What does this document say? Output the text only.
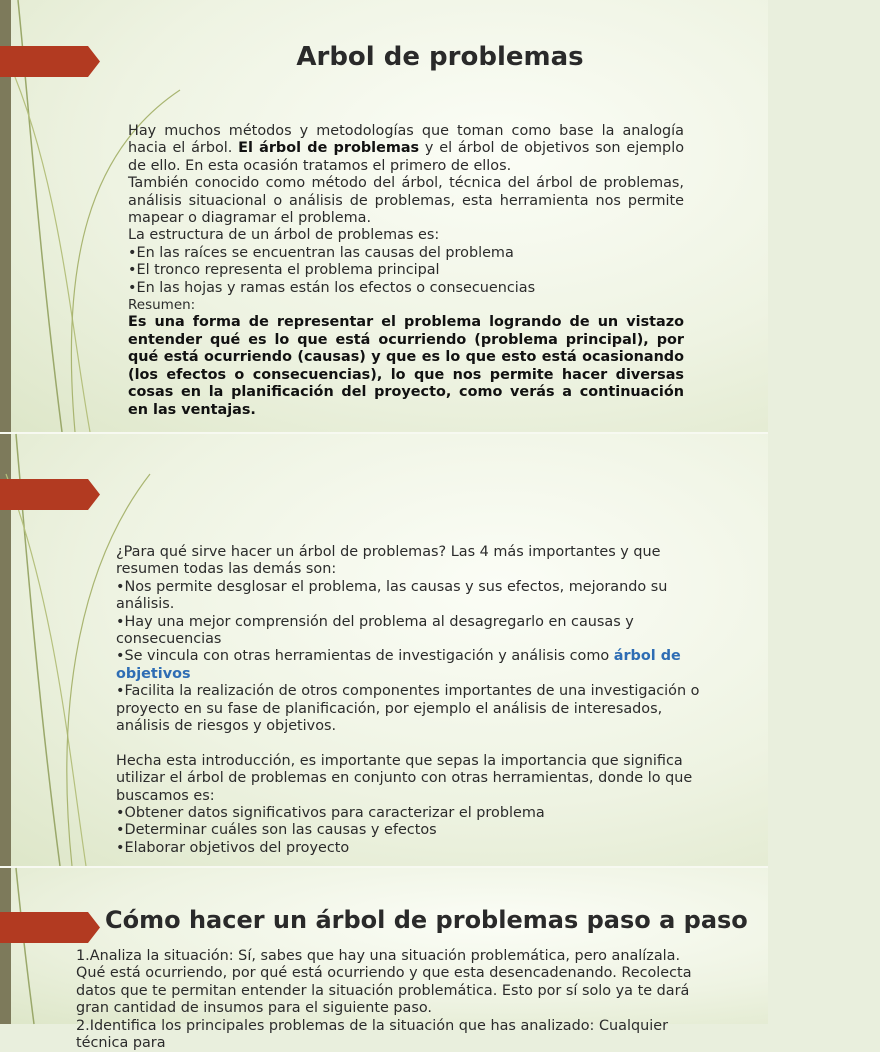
Arbol de problemas

Hay muchos métodos y metodologías que toman como base la analogía hacia el árbol. El árbol de problemas y el árbol de objetivos son ejemplo de ello. En esta ocasión tratamos el primero de ellos.

También conocido como método del árbol, técnica del árbol de problemas, análisis situacional o análisis de problemas, esta herramienta nos permite mapear o diagramar el problema.

La estructura de un árbol de problemas es:

•En las raíces se encuentran las causas del problema

•El tronco representa el problema principal

•En las hojas y ramas están los efectos o consecuencias

Resumen:

Es una forma de representar el problema logrando de un vistazo entender qué es lo que está ocurriendo (problema principal), por qué está ocurriendo (causas) y que es lo que esto está ocasionando (los efectos o consecuencias), lo que nos permite hacer diversas cosas en la planificación del proyecto, como verás a continuación en las ventajas.

¿Para qué sirve hacer un árbol de problemas? Las 4 más importantes y que resumen todas las demás son:

•Nos permite desglosar el problema, las causas y sus efectos, mejorando su análisis.

•Hay una mejor comprensión del problema al desagregarlo en causas y consecuencias

•Se vincula con otras herramientas de investigación y análisis como árbol de objetivos

•Facilita la realización de otros componentes importantes de una investigación o proyecto en su fase de planificación, por ejemplo el análisis de interesados, análisis de riesgos y objetivos.

Hecha esta introducción, es importante que sepas la importancia que significa utilizar el árbol de problemas en conjunto con otras herramientas, donde lo que buscamos es:

•Obtener datos significativos para caracterizar el problema

•Determinar cuáles son las causas y efectos

•Elaborar objetivos del proyecto

Cómo hacer un árbol de problemas paso a paso

1.Analiza la situación: Sí, sabes que hay una situación problemática, pero analízala. Qué está ocurriendo, por qué está ocurriendo y que esta desencadenando. Recolecta datos que te permitan entender la situación problemática. Esto por sí solo ya te dará gran cantidad de insumos para el siguiente paso.

2.Identifica los principales problemas de la situación que has analizado: Cualquier técnica para
